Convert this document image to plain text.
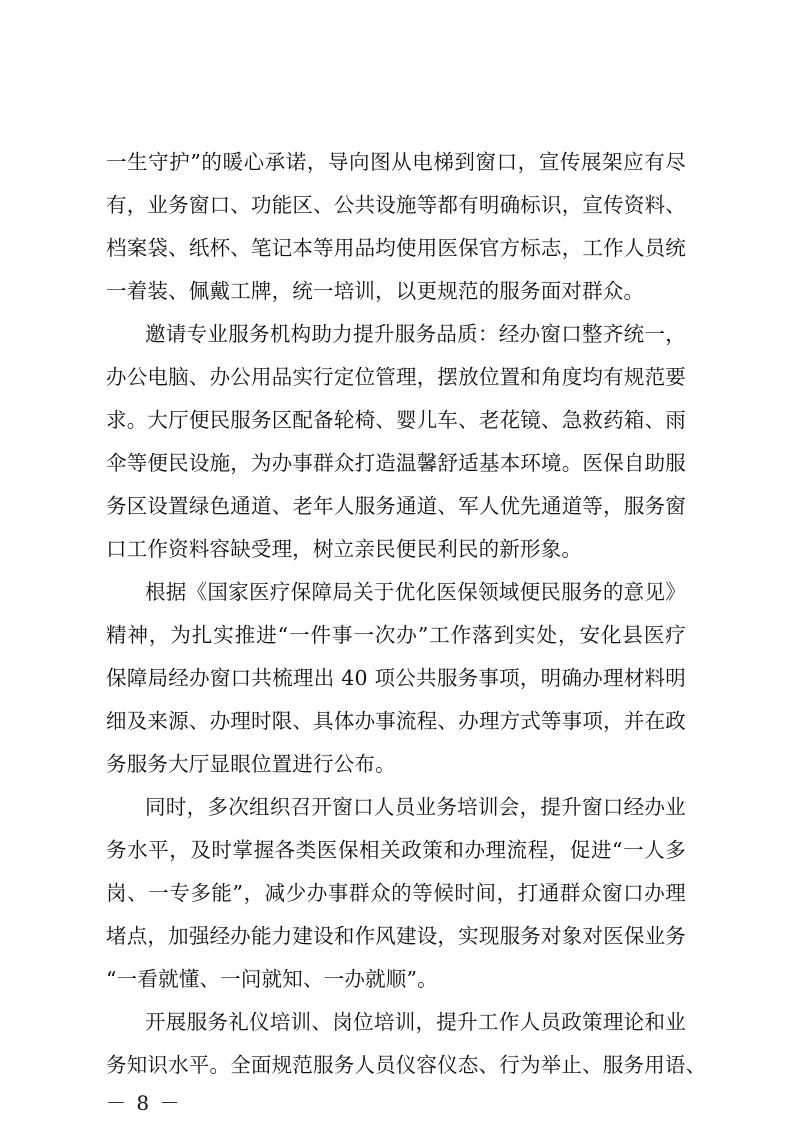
一生守护”的暖心承诺，导向图从电梯到窗口，宣传展架应有尽
有，业务窗口、功能区、公共设施等都有明确标识，宣传资料、
档案袋、纸杯、笔记本等用品均使用医保官方标志，工作人员统
一着装、佩戴工牌，统一培训，以更规范的服务面对群众。
邀请专业服务机构助力提升服务品质：经办窗口整齐统一，
办公电脑、办公用品实行定位管理，摆放位置和角度均有规范要
求。大厅便民服务区配备轮椅、婴儿车、老花镜、急救药箱、雨
伞等便民设施，为办事群众打造温馨舒适基本环境。医保自助服
务区设置绿色通道、老年人服务通道、军人优先通道等，服务窗
口工作资料容缺受理，树立亲民便民利民的新形象。
根据《国家医疗保障局关于优化医保领域便民服务的意见》
精神，为扎实推进“一件事一次办”工作落到实处，安化县医疗
保障局经办窗口共梳理出 40 项公共服务事项，明确办理材料明
细及来源、办理时限、具体办事流程、办理方式等事项，并在政
务服务大厅显眼位置进行公布。
同时，多次组织召开窗口人员业务培训会，提升窗口经办业
务水平，及时掌握各类医保相关政策和办理流程，促进“一人多
岗、一专多能”，减少办事群众的等候时间，打通群众窗口办理
堵点，加强经办能力建设和作风建设，实现服务对象对医保业务
“一看就懂、一问就知、一办就顺”。
开展服务礼仪培训、岗位培训，提升工作人员政策理论和业
务知识水平。全面规范服务人员仪容仪态、行为举止、服务用语、
－ 8 －
